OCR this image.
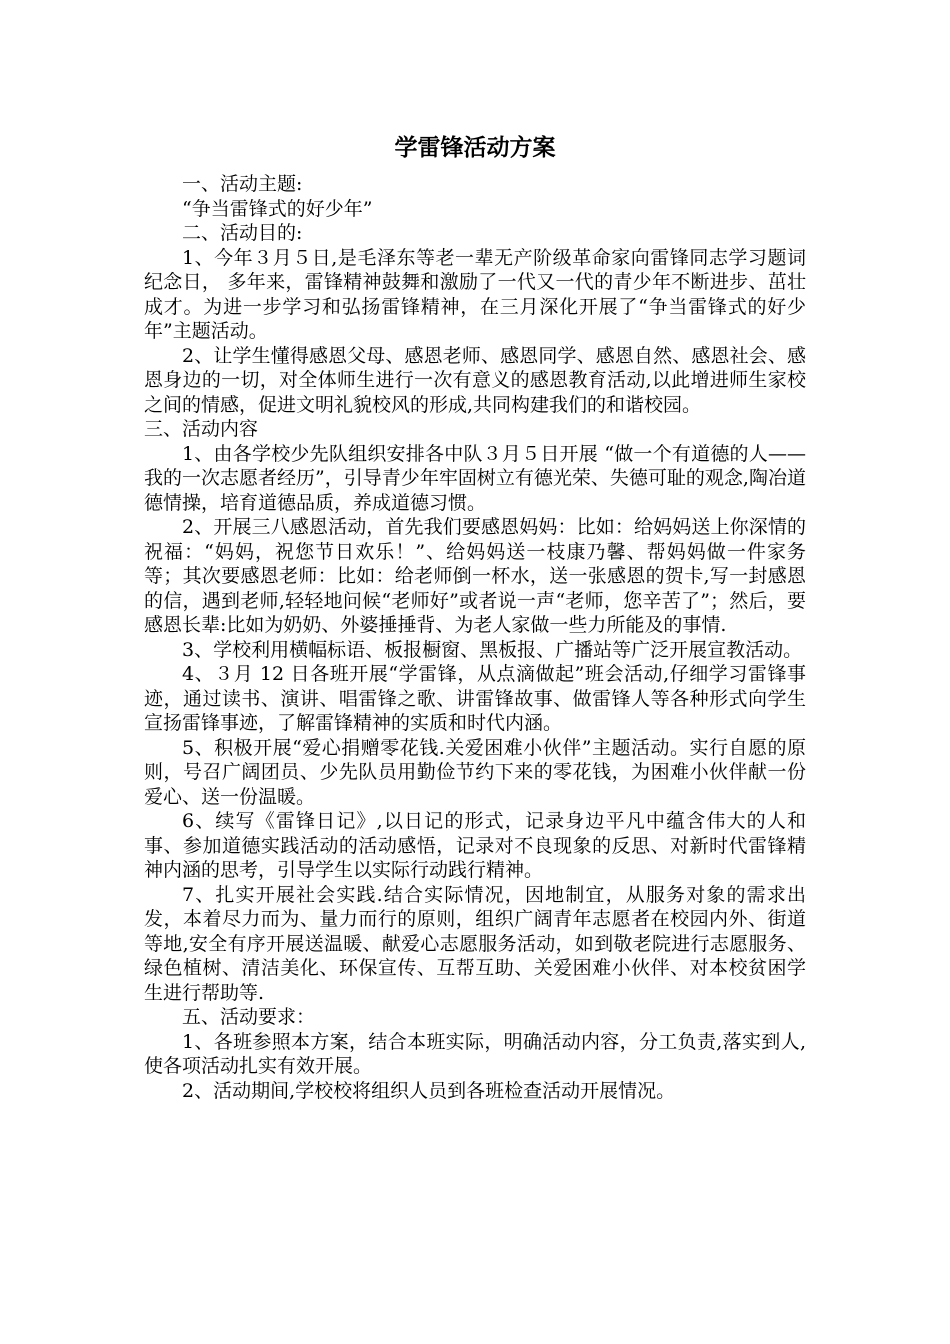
学雷锋活动方案

一、活动主题:

“争当雷锋式的好少年”

二、活动目的:

1、今年３月５日,是毛泽东等老一辈无产阶级革命家向雷锋同志学习题词纪念日， 多年来，雷锋精神鼓舞和激励了一代又一代的青少年不断进步、茁壮成才。为进一步学习和弘扬雷锋精神，在三月深化开展了“争当雷锋式的好少年”主题活动。

2、让学生懂得感恩父母、感恩老师、感恩同学、感恩自然、感恩社会、感恩身边的一切，对全体师生进行一次有意义的感恩教育活动,以此增进师生家校之间的情感，促进文明礼貌校风的形成,共同构建我们的和谐校园。

三、活动内容

1、由各学校少先队组织安排各中队３月５日开展 “做一个有道德的人——我的一次志愿者经历”，引导青少年牢固树立有德光荣、失德可耻的观念,陶冶道德情操，培育道德品质，养成道德习惯。

2、开展三八感恩活动，首先我们要感恩妈妈：比如：给妈妈送上你深情的祝福：“妈妈，祝您节日欢乐！”、给妈妈送一枝康乃馨、帮妈妈做一件家务等；其次要感恩老师：比如：给老师倒一杯水，送一张感恩的贺卡,写一封感恩的信，遇到老师,轻轻地问候“老师好”或者说一声“老师，您辛苦了”；然后，要感恩长辈:比如为奶奶、外婆捶捶背、为老人家做一些力所能及的事情.

3、学校利用横幅标语、板报橱窗、黑板报、广播站等广泛开展宣教活动。

4、３月 12 日各班开展“学雷锋，从点滴做起”班会活动,仔细学习雷锋事迹，通过读书、演讲、唱雷锋之歌、讲雷锋故事、做雷锋人等各种形式向学生宣扬雷锋事迹，了解雷锋精神的实质和时代内涵。

5、积极开展“爱心捐赠零花钱.关爱困难小伙伴”主题活动。实行自愿的原则，号召广阔团员、少先队员用勤俭节约下来的零花钱，为困难小伙伴献一份爱心、送一份温暖。

6、续写《雷锋日记》,以日记的形式，记录身边平凡中蕴含伟大的人和事、参加道德实践活动的活动感悟，记录对不良现象的反思、对新时代雷锋精神内涵的思考，引导学生以实际行动践行精神。

7、扎实开展社会实践.结合实际情况，因地制宜，从服务对象的需求出发，本着尽力而为、量力而行的原则，组织广阔青年志愿者在校园内外、街道等地,安全有序开展送温暖、献爱心志愿服务活动，如到敬老院进行志愿服务、绿色植树、清洁美化、环保宣传、互帮互助、关爱困难小伙伴、对本校贫困学生进行帮助等.

五、活动要求：

1、各班参照本方案，结合本班实际，明确活动内容，分工负责,落实到人,使各项活动扎实有效开展。

2、活动期间,学校校将组织人员到各班检查活动开展情况。
